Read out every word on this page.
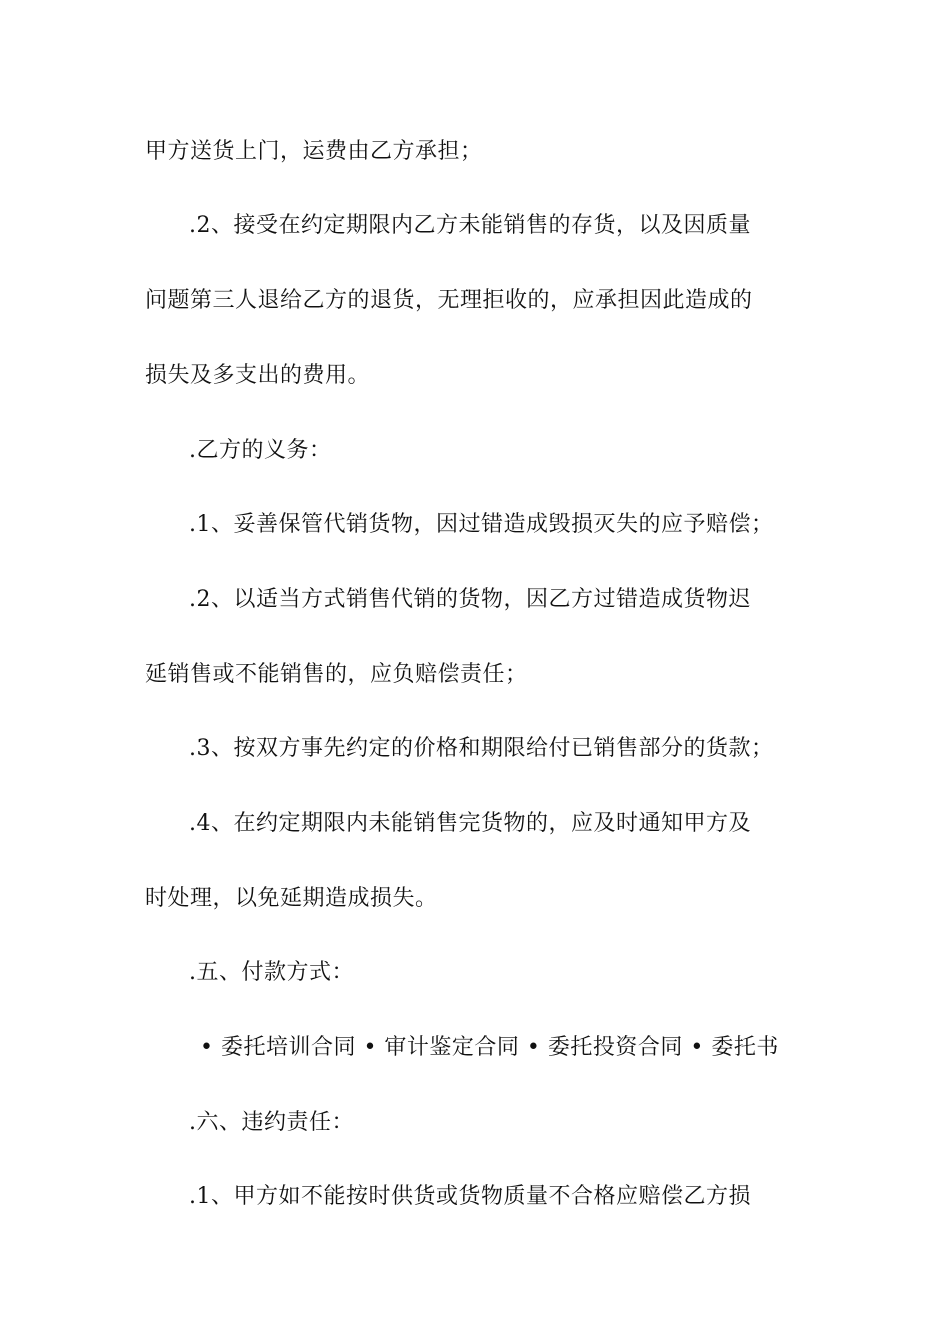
甲方送货上门，运费由乙方承担；
.2、接受在约定期限内乙方未能销售的存货，以及因质量
问题第三人退给乙方的退货，无理拒收的，应承担因此造成的
损失及多支出的费用。
.乙方的义务：
.1、妥善保管代销货物，因过错造成毁损灭失的应予赔偿；
.2、以适当方式销售代销的货物，因乙方过错造成货物迟
延销售或不能销售的，应负赔偿责任；
.3、按双方事先约定的价格和期限给付已销售部分的货款；
.4、在约定期限内未能销售完货物的，应及时通知甲方及
时处理，以免延期造成损失。
.五、付款方式：
• 委托培训合同 • 审计鉴定合同 • 委托投资合同 • 委托书
.六、违约责任：
.1、甲方如不能按时供货或货物质量不合格应赔偿乙方损
